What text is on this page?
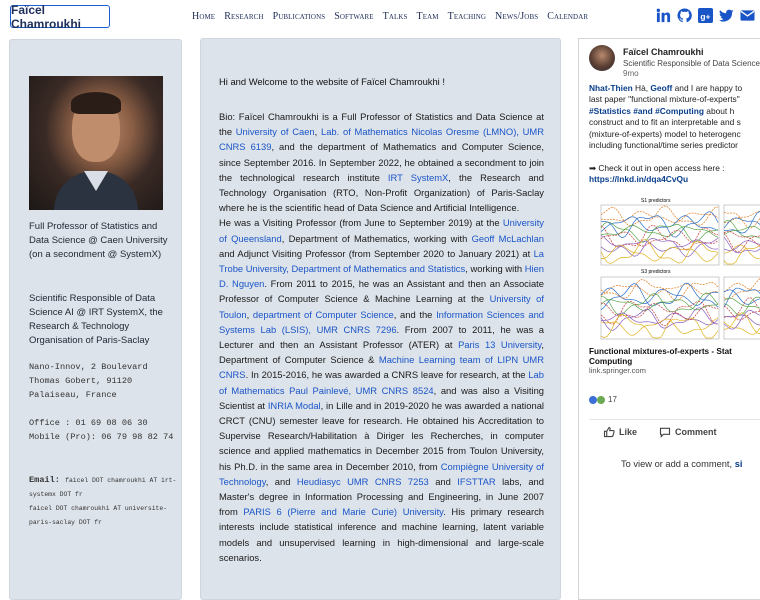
Faïcel Chamroukhi	Home Research Publications Software Talks Team Teaching News/Jobs Calendar	g+
Full Professor of Statistics and Data Science @ Caen University (on a secondment @ SystemX)
Scientific Responsible of Data Science AI @ IRT SystemX, the Research & Technology Organisation of Paris-Saclay
Nano-Innov, 2 Boulevard Thomas Gobert, 91120 Palaiseau, France
Office : 01 69 08 06 30
Mobile (Pro): 06 79 98 82 74
Email: faicel DOT chamroukhi AT irt-systemx DOT fr
faicel DOT chamroukhi AT universite-paris-saclay DOT fr
Hi and Welcome to the website of Faïcel Chamroukhi !
Bio: Faïcel Chamroukhi is a Full Professor of Statistics and Data Science at the University of Caen, Lab. of Mathematics Nicolas Oresme (LMNO), UMR CNRS 6139, and the department of Mathematics and Computer Science, since September 2016. In September 2022, he obtained a secondment to join the technological research institute IRT SystemX, the Research and Technology Organisation (RTO, Non-Profit Organization) of Paris-Saclay where he is the scientific head of Data Science and Artificial Intelligence.
He was a Visiting Professor (from June to September 2019) at the University of Queensland, Department of Mathematics, working with Geoff McLachlan and Adjunct Visiting Professor (from September 2020 to January 2021) at La Trobe University, Department of Mathematics and Statistics, working with Hien D. Nguyen. From 2011 to 2015, he was an Assistant and then an Associate Professor of Computer Science & Machine Learning at the University of Toulon, department of Computer Science, and the Information Sciences and Systems Lab (LSIS), UMR CNRS 7296. From 2007 to 2011, he was a Lecturer and then an Assistant Professor (ATER) at Paris 13 University, Department of Computer Science & Machine Learning team of LIPN UMR CNRS. In 2015-2016, he was awarded a CNRS leave for research, at the Lab of Mathematics Paul Painlevé, UMR CNRS 8524, and was also a Visiting Scientist at INRIA Modal, in Lille and in 2019-2020 he was awarded a national CRCT (CNU) semester leave for research. He obtained his Accreditation to Supervise Research/Habilitation à Diriger les Recherches, in computer science and applied mathematics in December 2015 from Toulon University, his Ph.D. in the same area in December 2010, from Compiègne University of Technology, and Heudiasyc UMR CNRS 7253 and IFSTTAR labs, and Master's degree in Information Processing and Engineering, in June 2007 from PARIS 6 (Pierre and Marie Curie) University. His primary research interests include statistical inference and machine learning, latent variable models and unsupervised learning in high-dimensional and large-scale scenarios.
Faïcel Chamroukhi
Scientific Responsible of Data Science
9mo
Nhat-Thien Hà, Geoff and I are happy to
last paper "functional mixture-of-experts"
#Statistics #and #Computing about h
construct and to fit an interpretable and s
(mixture-of-experts) model to heterogenc
including functional/time series predictor
➡ Check it out in open access here :
https://lnkd.in/dqa4CvQu
S1 predictors
S3 predictors
Functional mixtures-of-experts - Stat
Computing
link.springer.com
17
Like	Comment
To view or add a comment, si
